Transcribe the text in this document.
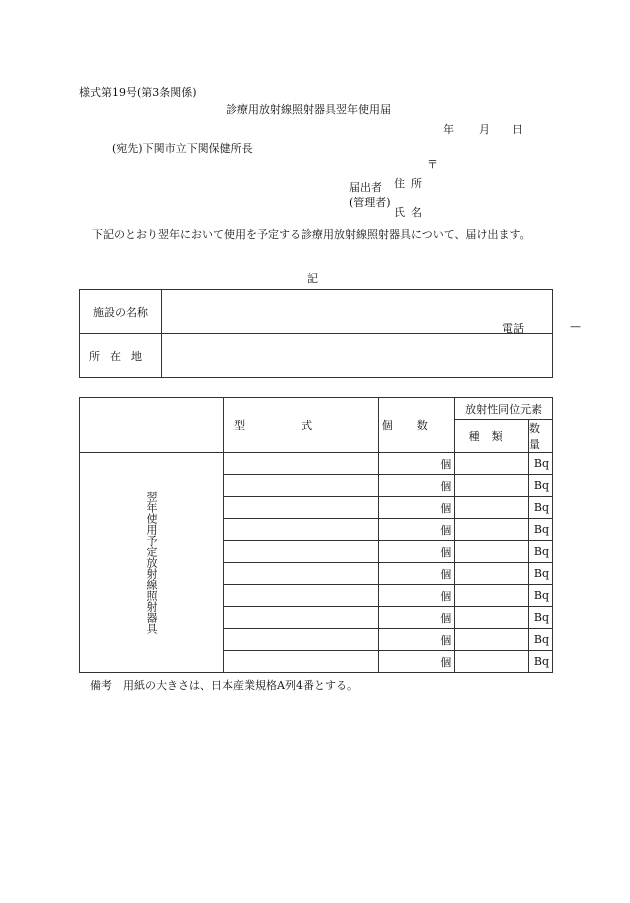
様式第19号(第3条関係)
診療用放射線照射器具翌年使用届
年 月 日
(宛先)下関市立下関保健所長
〒
届出者
(管理者)
住所
氏名
下記のとおり翌年において使用を予定する診療用放射線照射器具について、届け出ます。
記
施設の名称	電話 —

所在地	
	型式	個数	放射性同位元素	
			種類	数量

翌年使用予定放射線照射器具		個		Bq
		個		Bq
		個		Bq
		個		Bq
		個		Bq
		個		Bq
		個		Bq
		個		Bq
		個		Bq
		個		Bq
備考　用紙の大きさは、日本産業規格A列4番とする。
